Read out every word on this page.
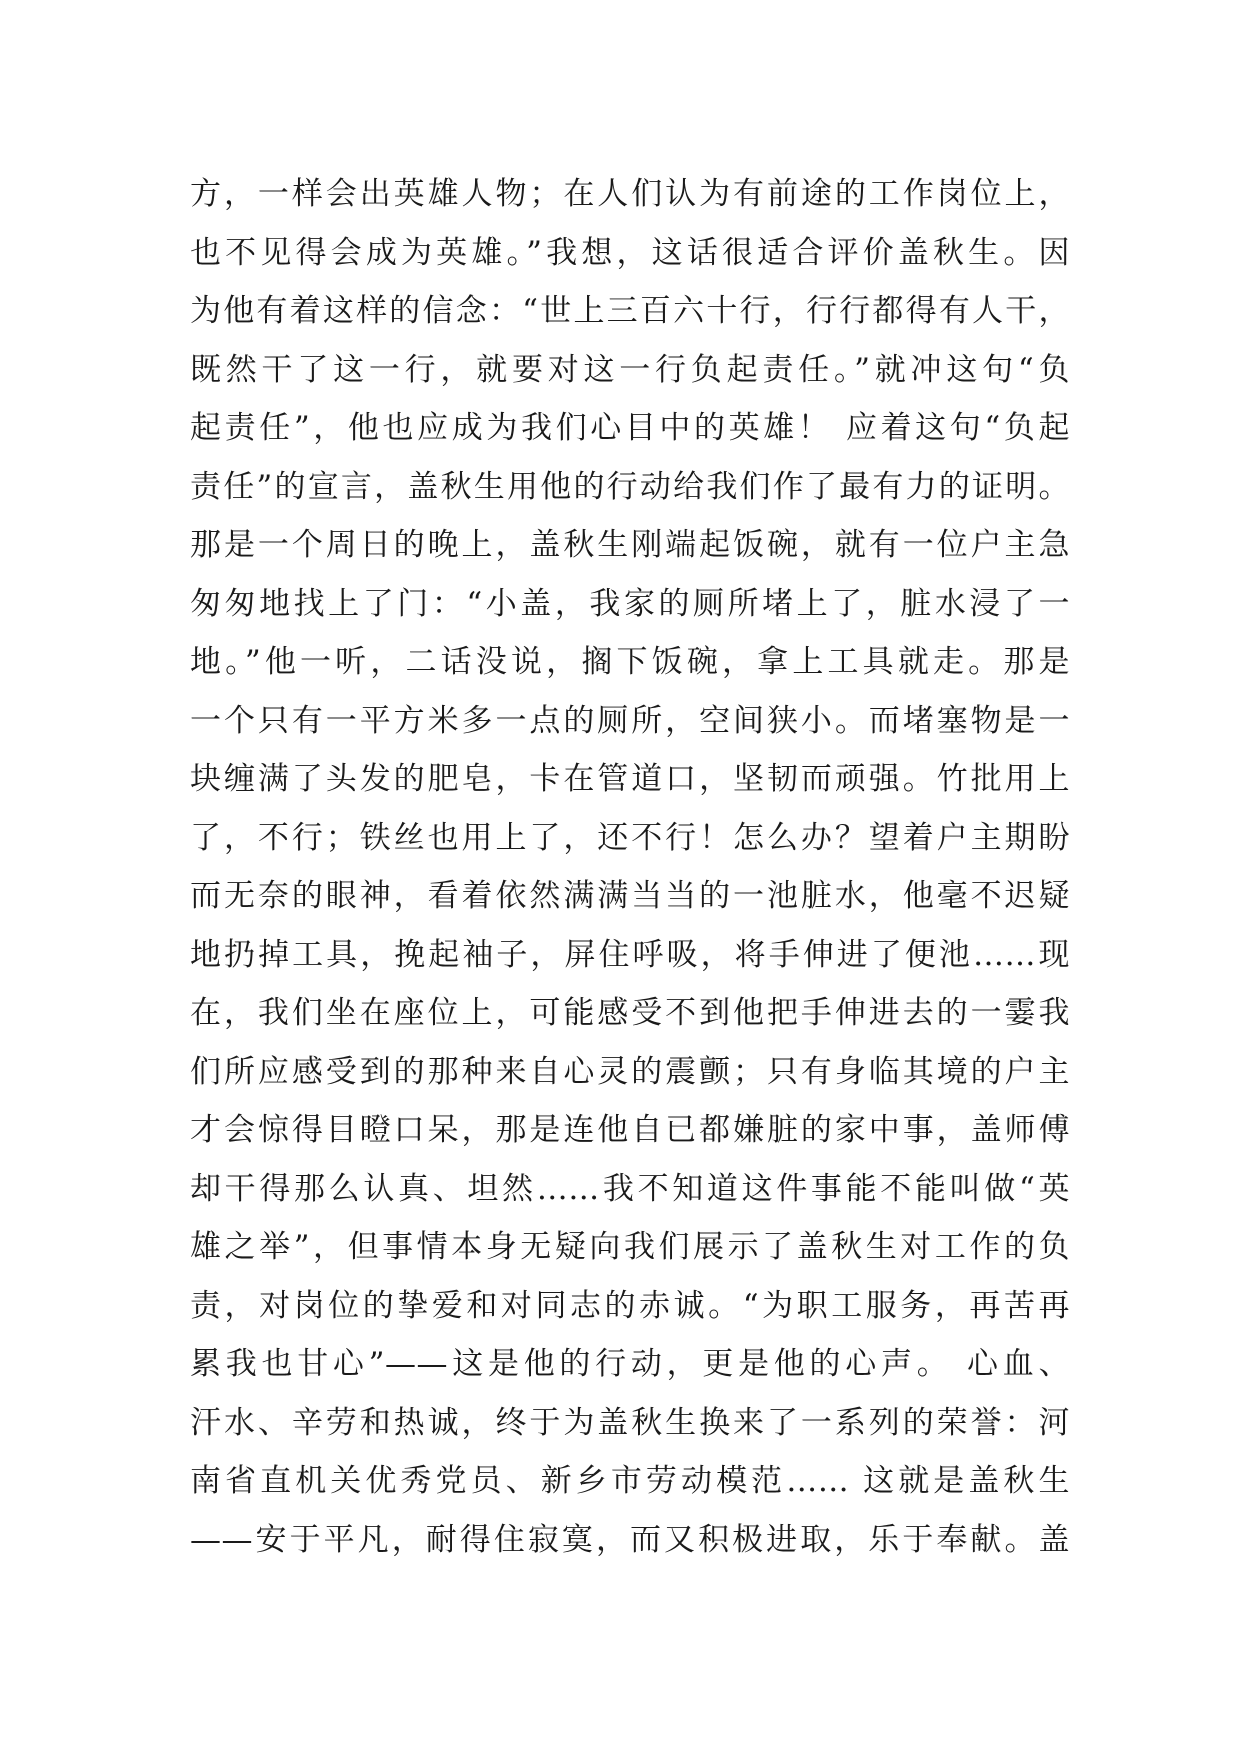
方，一样会出英雄人物；在人们认为有前途的工作岗位上，
也不见得会成为英雄。”我想，这话很适合评价盖秋生。因
为他有着这样的信念：“世上三百六十行，行行都得有人干，
既然干了这一行，就要对这一行负起责任。”就冲这句“负
起责任”，他也应成为我们心目中的英雄！ 应着这句“负起
责任”的宣言，盖秋生用他的行动给我们作了最有力的证明。
那是一个周日的晚上，盖秋生刚端起饭碗，就有一位户主急
匆匆地找上了门：“小盖，我家的厕所堵上了，脏水浸了一
地。”他一听，二话没说，搁下饭碗，拿上工具就走。那是
一个只有一平方米多一点的厕所，空间狭小。而堵塞物是一
块缠满了头发的肥皂，卡在管道口，坚韧而顽强。竹批用上
了，不行；铁丝也用上了，还不行！怎么办？望着户主期盼
而无奈的眼神，看着依然满满当当的一池脏水，他毫不迟疑
地扔掉工具，挽起袖子，屏住呼吸，将手伸进了便池……现
在，我们坐在座位上，可能感受不到他把手伸进去的一霎我
们所应感受到的那种来自心灵的震颤；只有身临其境的户主
才会惊得目瞪口呆，那是连他自已都嫌脏的家中事，盖师傅
却干得那么认真、坦然……我不知道这件事能不能叫做“英
雄之举”，但事情本身无疑向我们展示了盖秋生对工作的负
责，对岗位的挚爱和对同志的赤诚。“为职工服务，再苦再
累我也甘心”——这是他的行动，更是他的心声。 心血、
汗水、辛劳和热诚，终于为盖秋生换来了一系列的荣誉：河
南省直机关优秀党员、新乡市劳动模范…… 这就是盖秋生
——安于平凡，耐得住寂寞，而又积极进取，乐于奉献。盖
